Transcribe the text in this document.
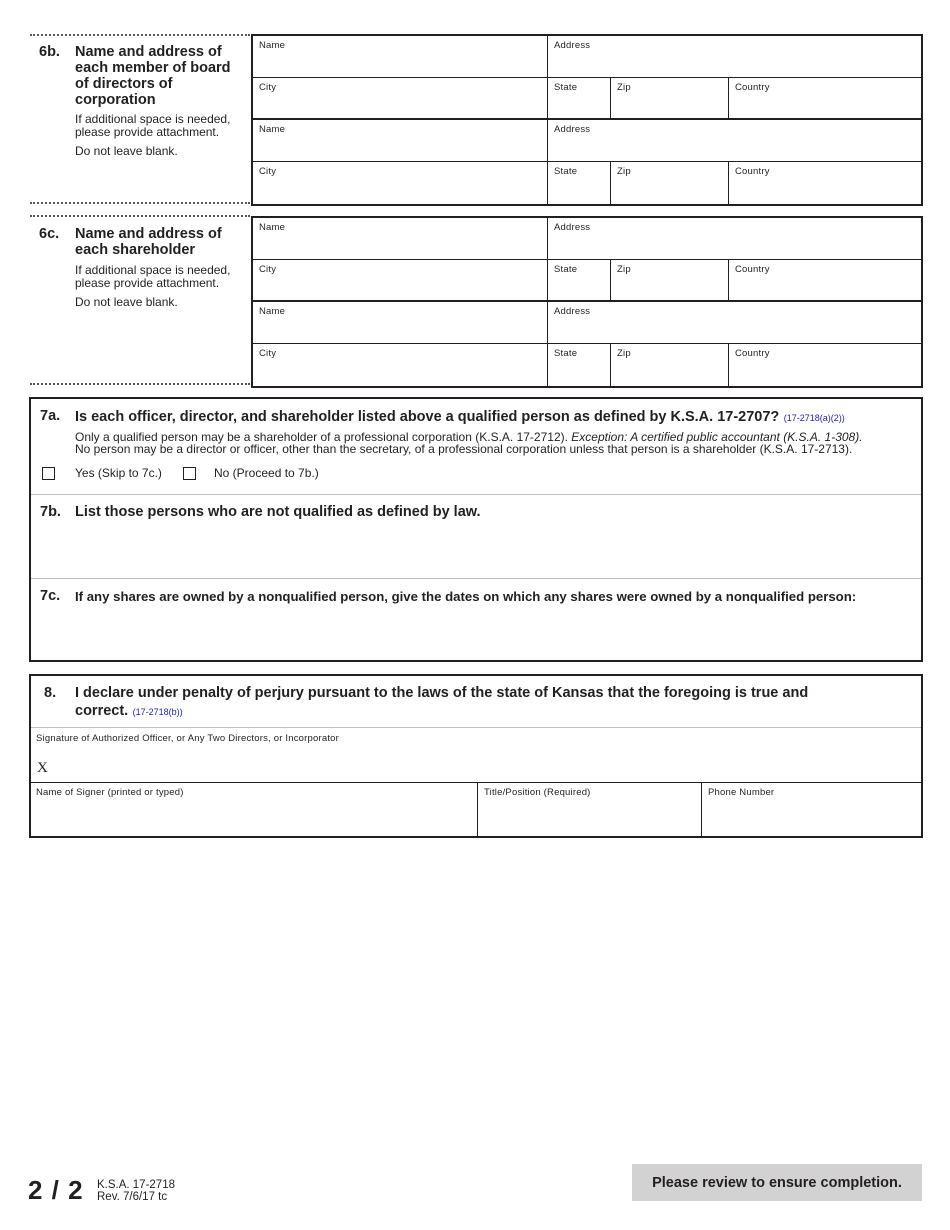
6b. Name and address of each member of board of directors of corporation
If additional space is needed, please provide attachment.
Do not leave blank.
Name	Address
City	State	Zip	Country
Name	Address
City	State	Zip	Country
6c. Name and address of each shareholder
If additional space is needed, please provide attachment.
Do not leave blank.
Name	Address
City	State	Zip	Country
Name	Address
City	State	Zip	Country
7a. Is each officer, director, and shareholder listed above a qualified person as defined by K.S.A. 17-2707? (17-2718(a)(2))
Only a qualified person may be a shareholder of a professional corporation (K.S.A. 17-2712). Exception: A certified public accountant (K.S.A. 1-308).
No person may be a director or officer, other than the secretary, of a professional corporation unless that person is a shareholder (K.S.A. 17-2713).
Yes (Skip to 7c.)	No (Proceed to 7b.)
7b. List those persons who are not qualified as defined by law.
7c. If any shares are owned by a nonqualified person, give the dates on which any shares were owned by a nonqualified person:
8. I declare under penalty of perjury pursuant to the laws of the state of Kansas that the foregoing is true and
correct. (17-2718(b))
Signature of Authorized Officer, or Any Two Directors, or Incorporator
X
Name of Signer (printed or typed)	Title/Position (Required)	Phone Number
2 / 2 K.S.A. 17-2718
Rev. 7/6/17 tc
Please review to ensure completion.
